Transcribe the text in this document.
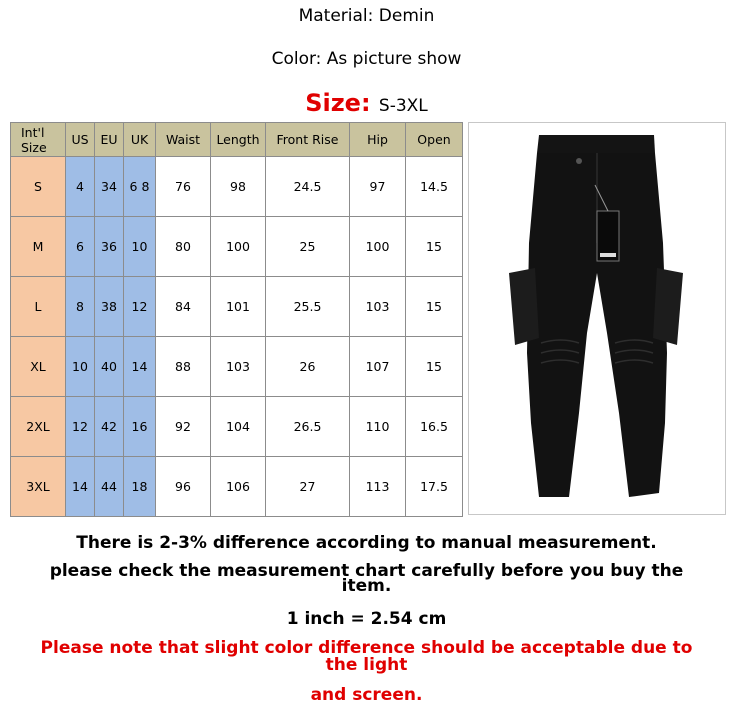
Material: Demin
Color: As picture show
Size: S-3XL
Int'l Size	US	EU	UK	Waist	Length	Front Rise	Hip	Open
S	4	34	6 8	76	98	24.5	97	14.5
M	6	36	10	80	100	25	100	15
L	8	38	12	84	101	25.5	103	15
XL	10	40	14	88	103	26	107	15
2XL	12	42	16	92	104	26.5	110	16.5
3XL	14	44	18	96	106	27	113	17.5
There is 2-3% difference according to manual measurement.
please check the measurement chart carefully before you buy the
item.
1 inch = 2.54 cm
Please note that slight color difference should be acceptable due to
the light
and screen.
